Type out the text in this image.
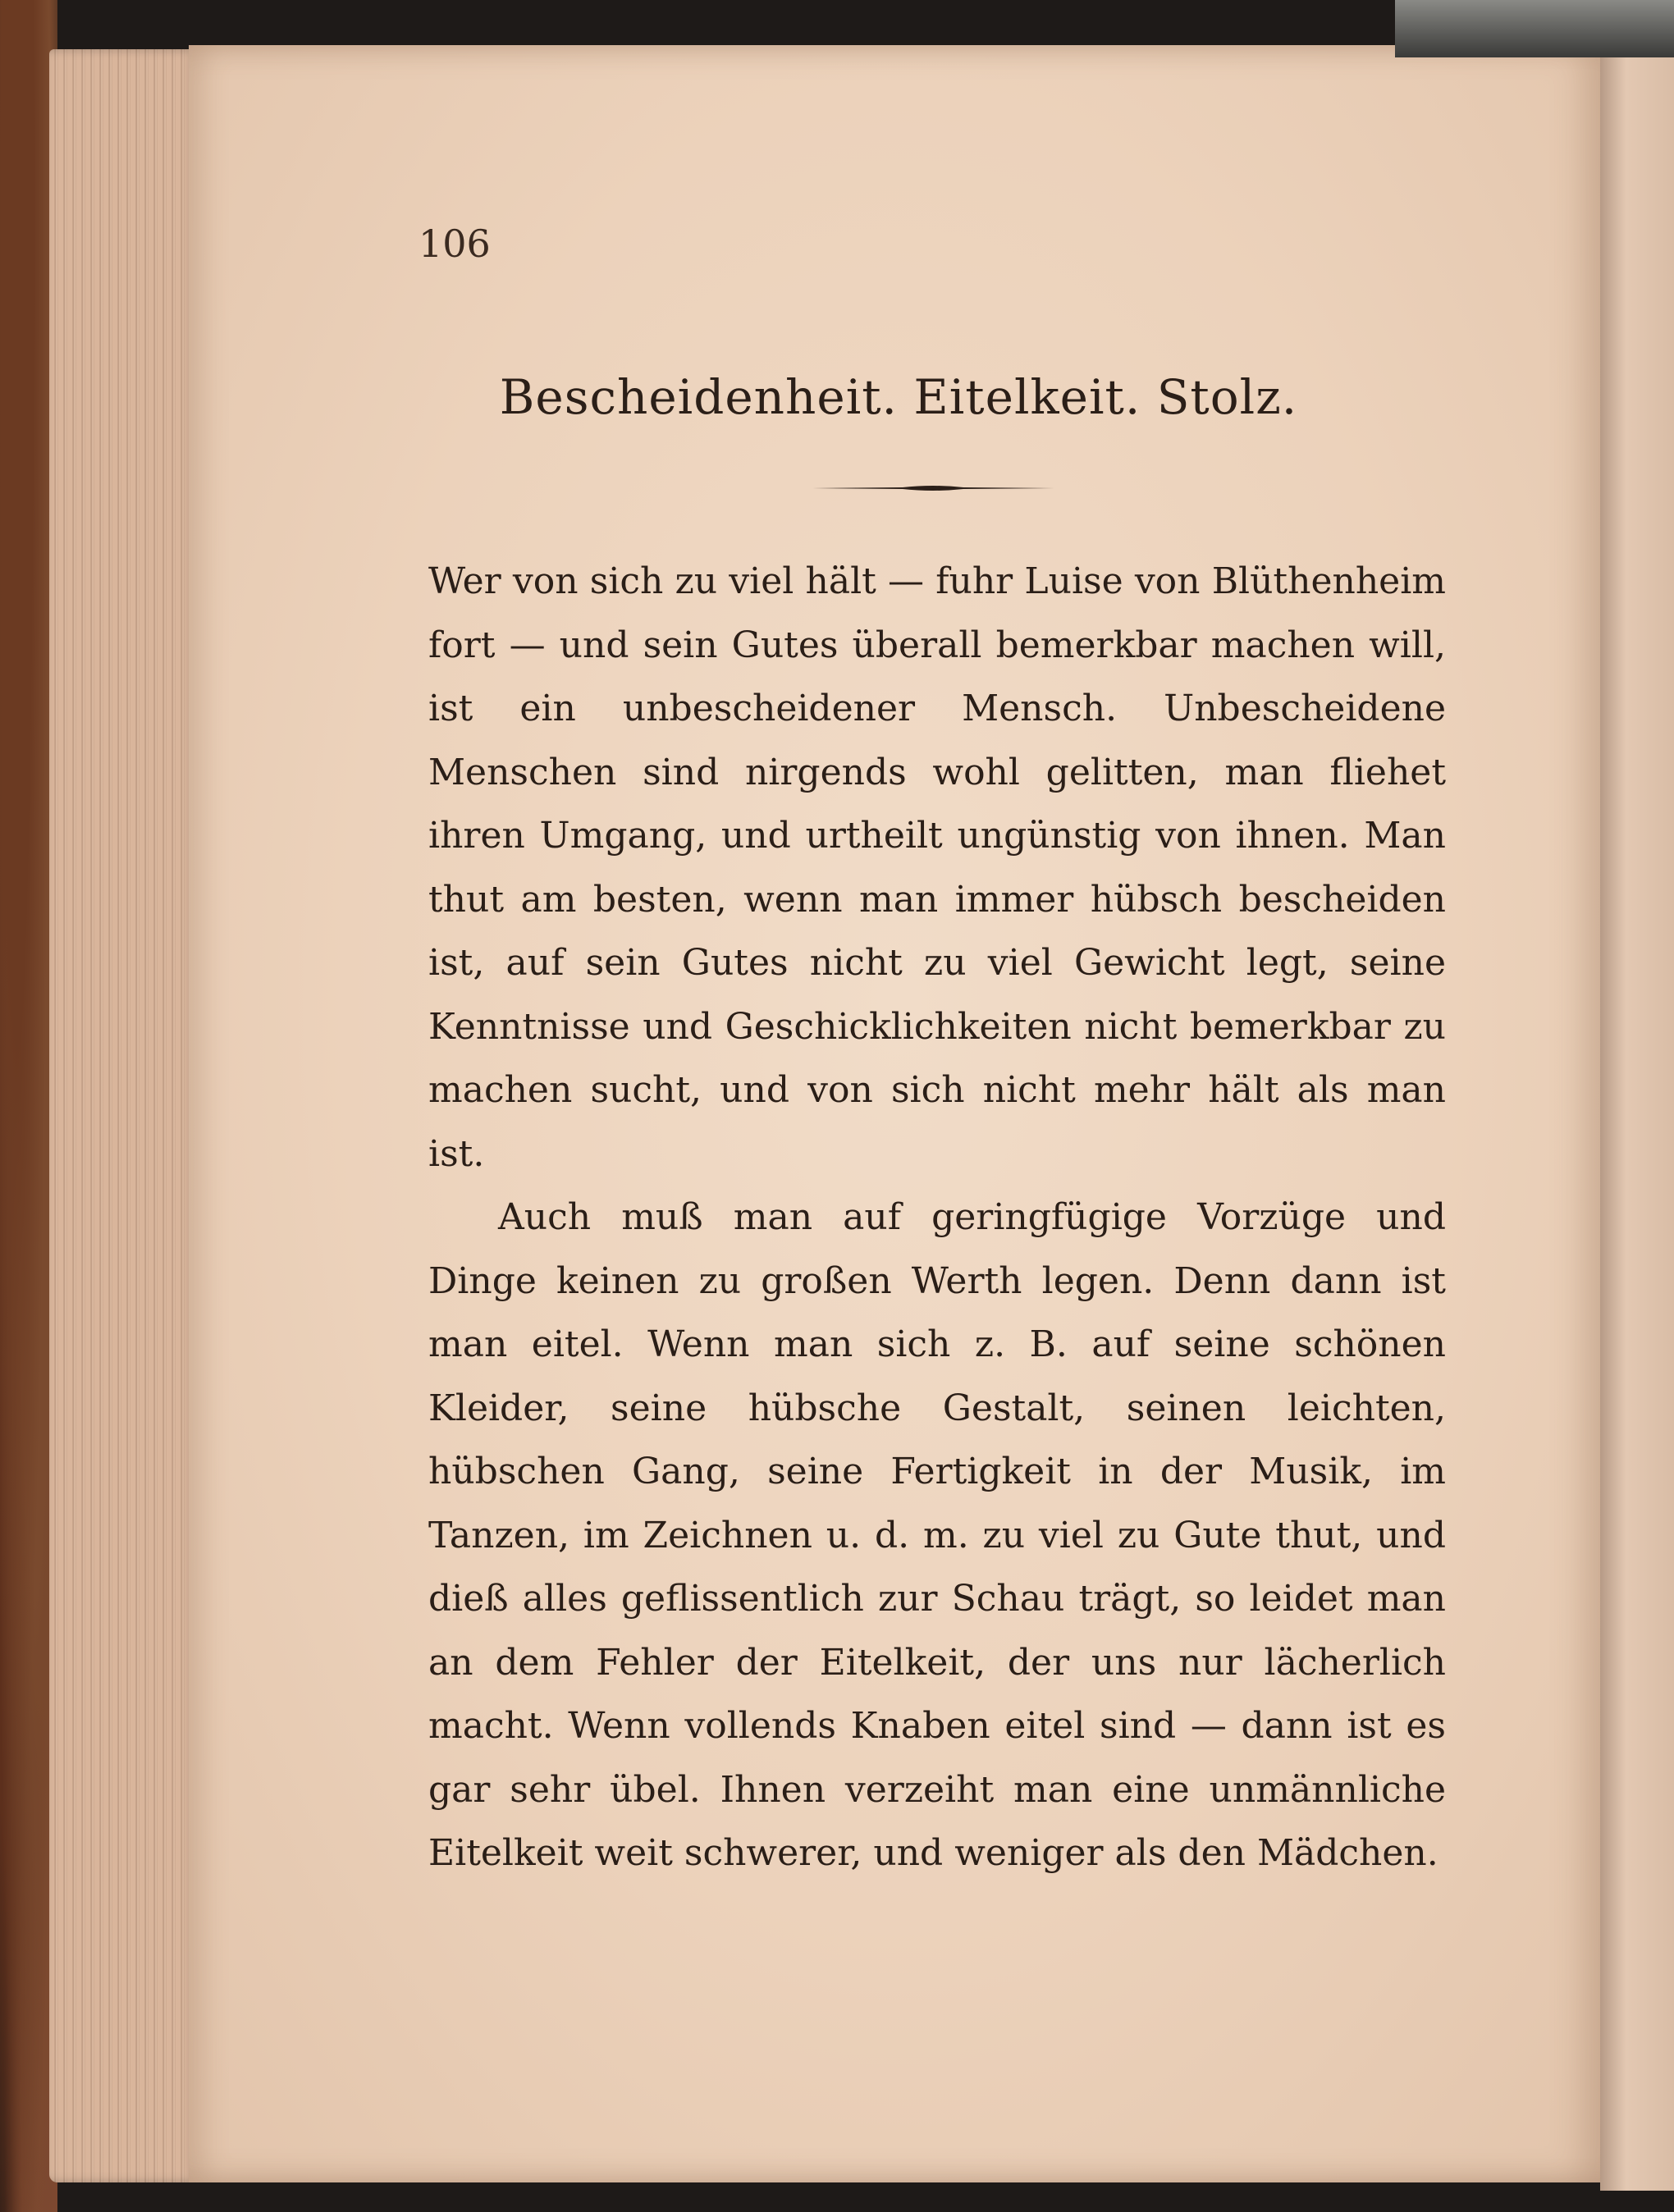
106
Bescheidenheit. Eitelkeit. Stolz.

Wer von sich zu viel hält — fuhr Luise von Blüthenheim fort — und sein Gutes überall bemerkbar machen will, ist ein unbescheidener Mensch. Unbescheidene Menschen sind nirgends wohl gelitten, man fliehet ihren Umgang, und urtheilt ungünstig von ihnen. Man thut am besten, wenn man immer hübsch bescheiden ist, auf sein Gutes nicht zu viel Gewicht legt, seine Kenntnisse und Geschicklichkeiten nicht bemerkbar zu machen sucht, und von sich nicht mehr hält als man ist.

Auch muß man auf geringfügige Vorzüge und Dinge keinen zu großen Werth legen. Denn dann ist man eitel. Wenn man sich z. B. auf seine schönen Kleider, seine hübsche Gestalt, seinen leichten, hübschen Gang, seine Fertigkeit in der Musik, im Tanzen, im Zeichnen u. d. m. zu viel zu Gute thut, und dieß alles geflissentlich zur Schau trägt, so leidet man an dem Fehler der Eitelkeit, der uns nur lächerlich macht. Wenn vollends Knaben eitel sind — dann ist es gar sehr übel. Ihnen verzeiht man eine unmännliche Eitelkeit weit schwerer, und weniger als den Mädchen.
